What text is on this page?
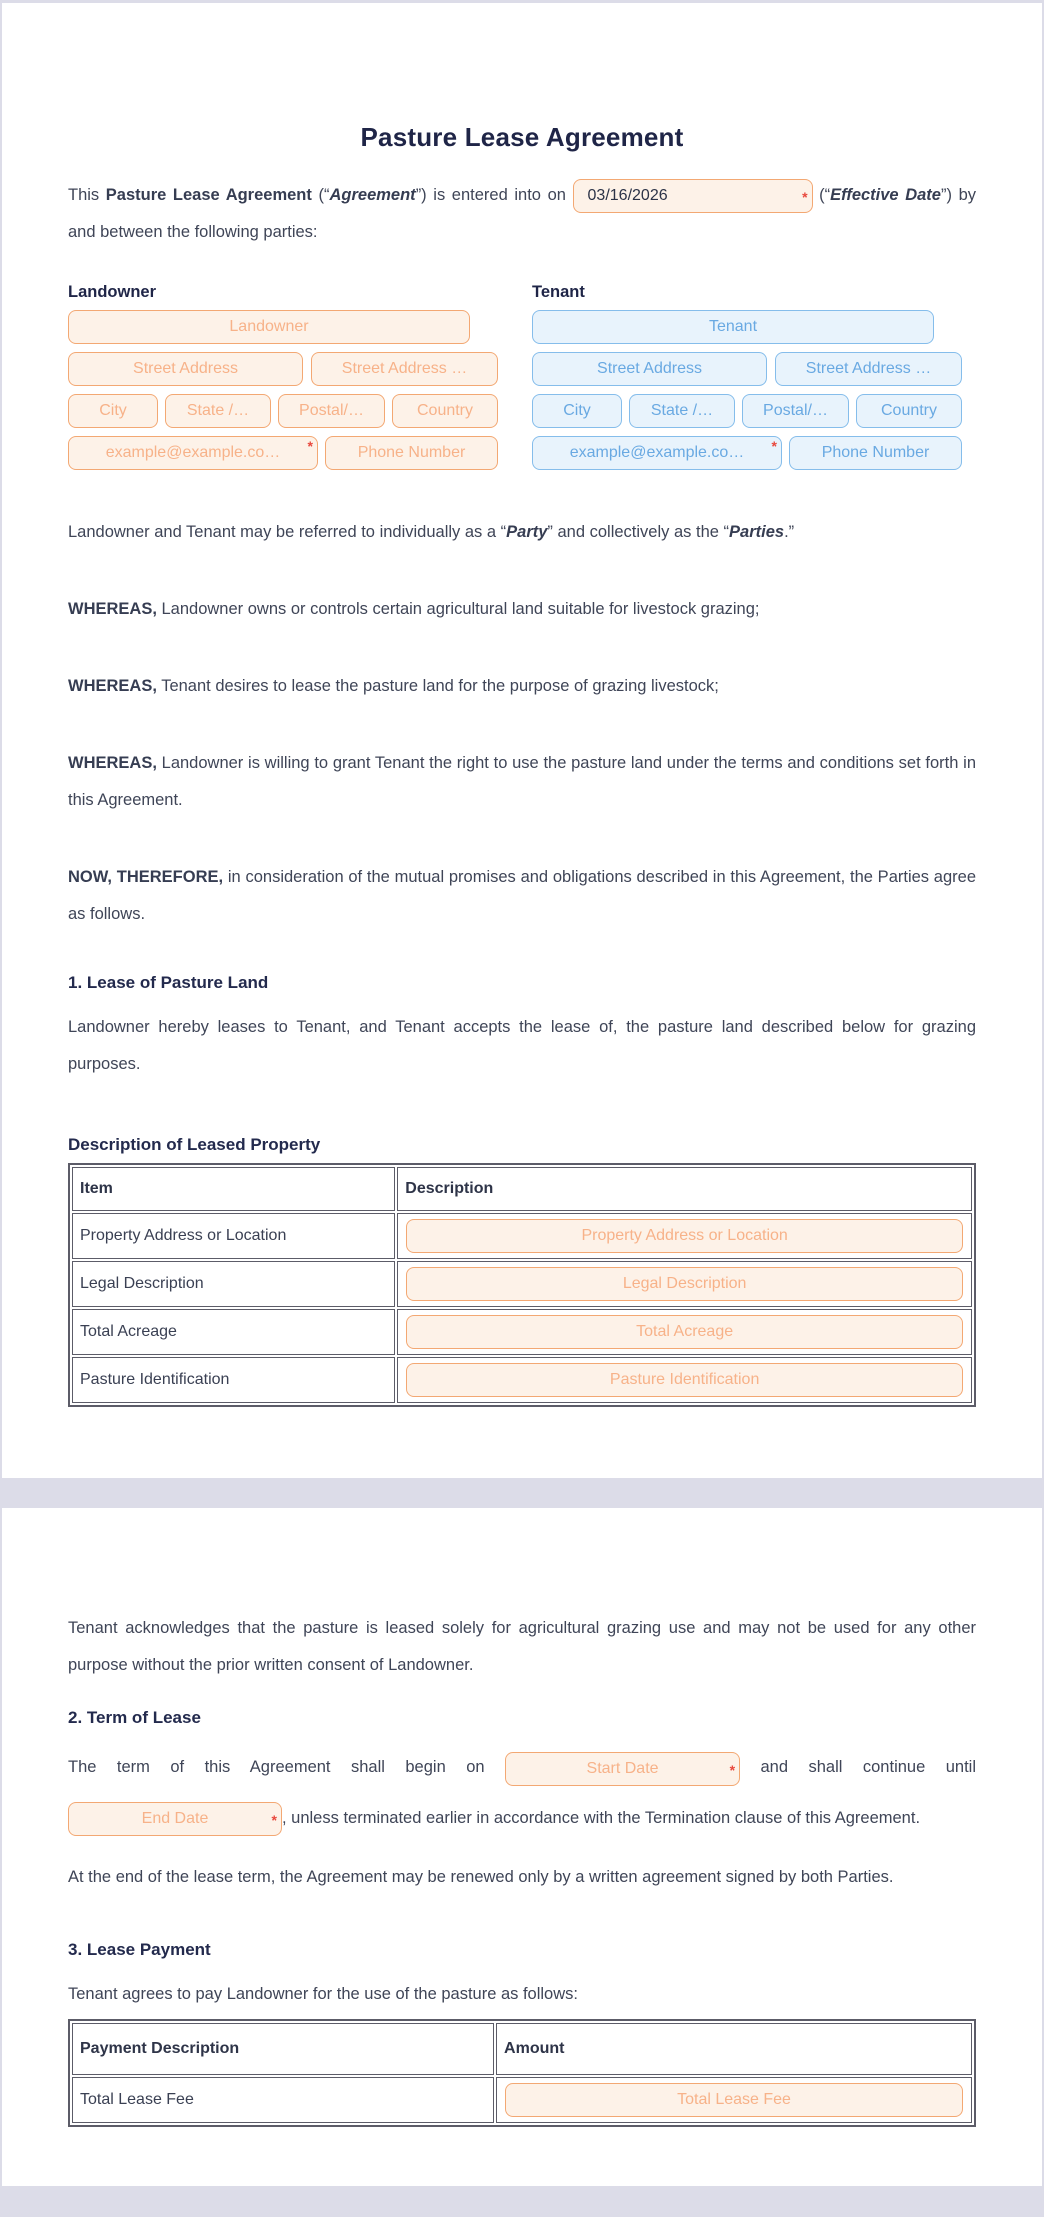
Pasture Lease Agreement

This Pasture Lease Agreement (“Agreement”) is entered into on 03/16/2026	* (“Effective Date”) by and between the following parties:

Landowner
Landowner
Street Address
Street Address …
City
State /…
Postal/…
Country
example@example.co…
*
Phone Number
Tenant
Tenant
Street Address
Street Address …
City
State /…
Postal/…
Country
example@example.co…
*
Phone Number

Landowner and Tenant may be referred to individually as a “Party” and collectively as the “Parties.”

WHEREAS, Landowner owns or controls certain agricultural land suitable for livestock grazing;

WHEREAS, Tenant desires to lease the pasture land for the purpose of grazing livestock;

WHEREAS, Landowner is willing to grant Tenant the right to use the pasture land under the terms and conditions set forth in this Agreement.

NOW, THEREFORE, in consideration of the mutual promises and obligations described in this Agreement, the Parties agree as follows.

1. Lease of Pasture Land

Landowner hereby leases to Tenant, and Tenant accepts the lease of, the pasture land described below for grazing purposes.

Description of Leased Property
Item	Description
Property Address or Location	Property Address or Location
Legal Description	Legal Description
Total Acreage	Total Acreage
Pasture Identification	Pasture Identification

Tenant acknowledges that the pasture is leased solely for agricultural grazing use and may not be used for any other purpose without the prior written consent of Landowner.

2. Term of Lease

The term of this Agreement shall begin on Start Date	* and shall continue until End Date
* , unless terminated earlier in accordance with the Termination clause of this Agreement.

At the end of the lease term, the Agreement may be renewed only by a written agreement signed by both Parties.

3. Lease Payment

Tenant agrees to pay Landowner for the use of the pasture as follows:

Payment Description	Amount
Total Lease Fee	Total Lease Fee
